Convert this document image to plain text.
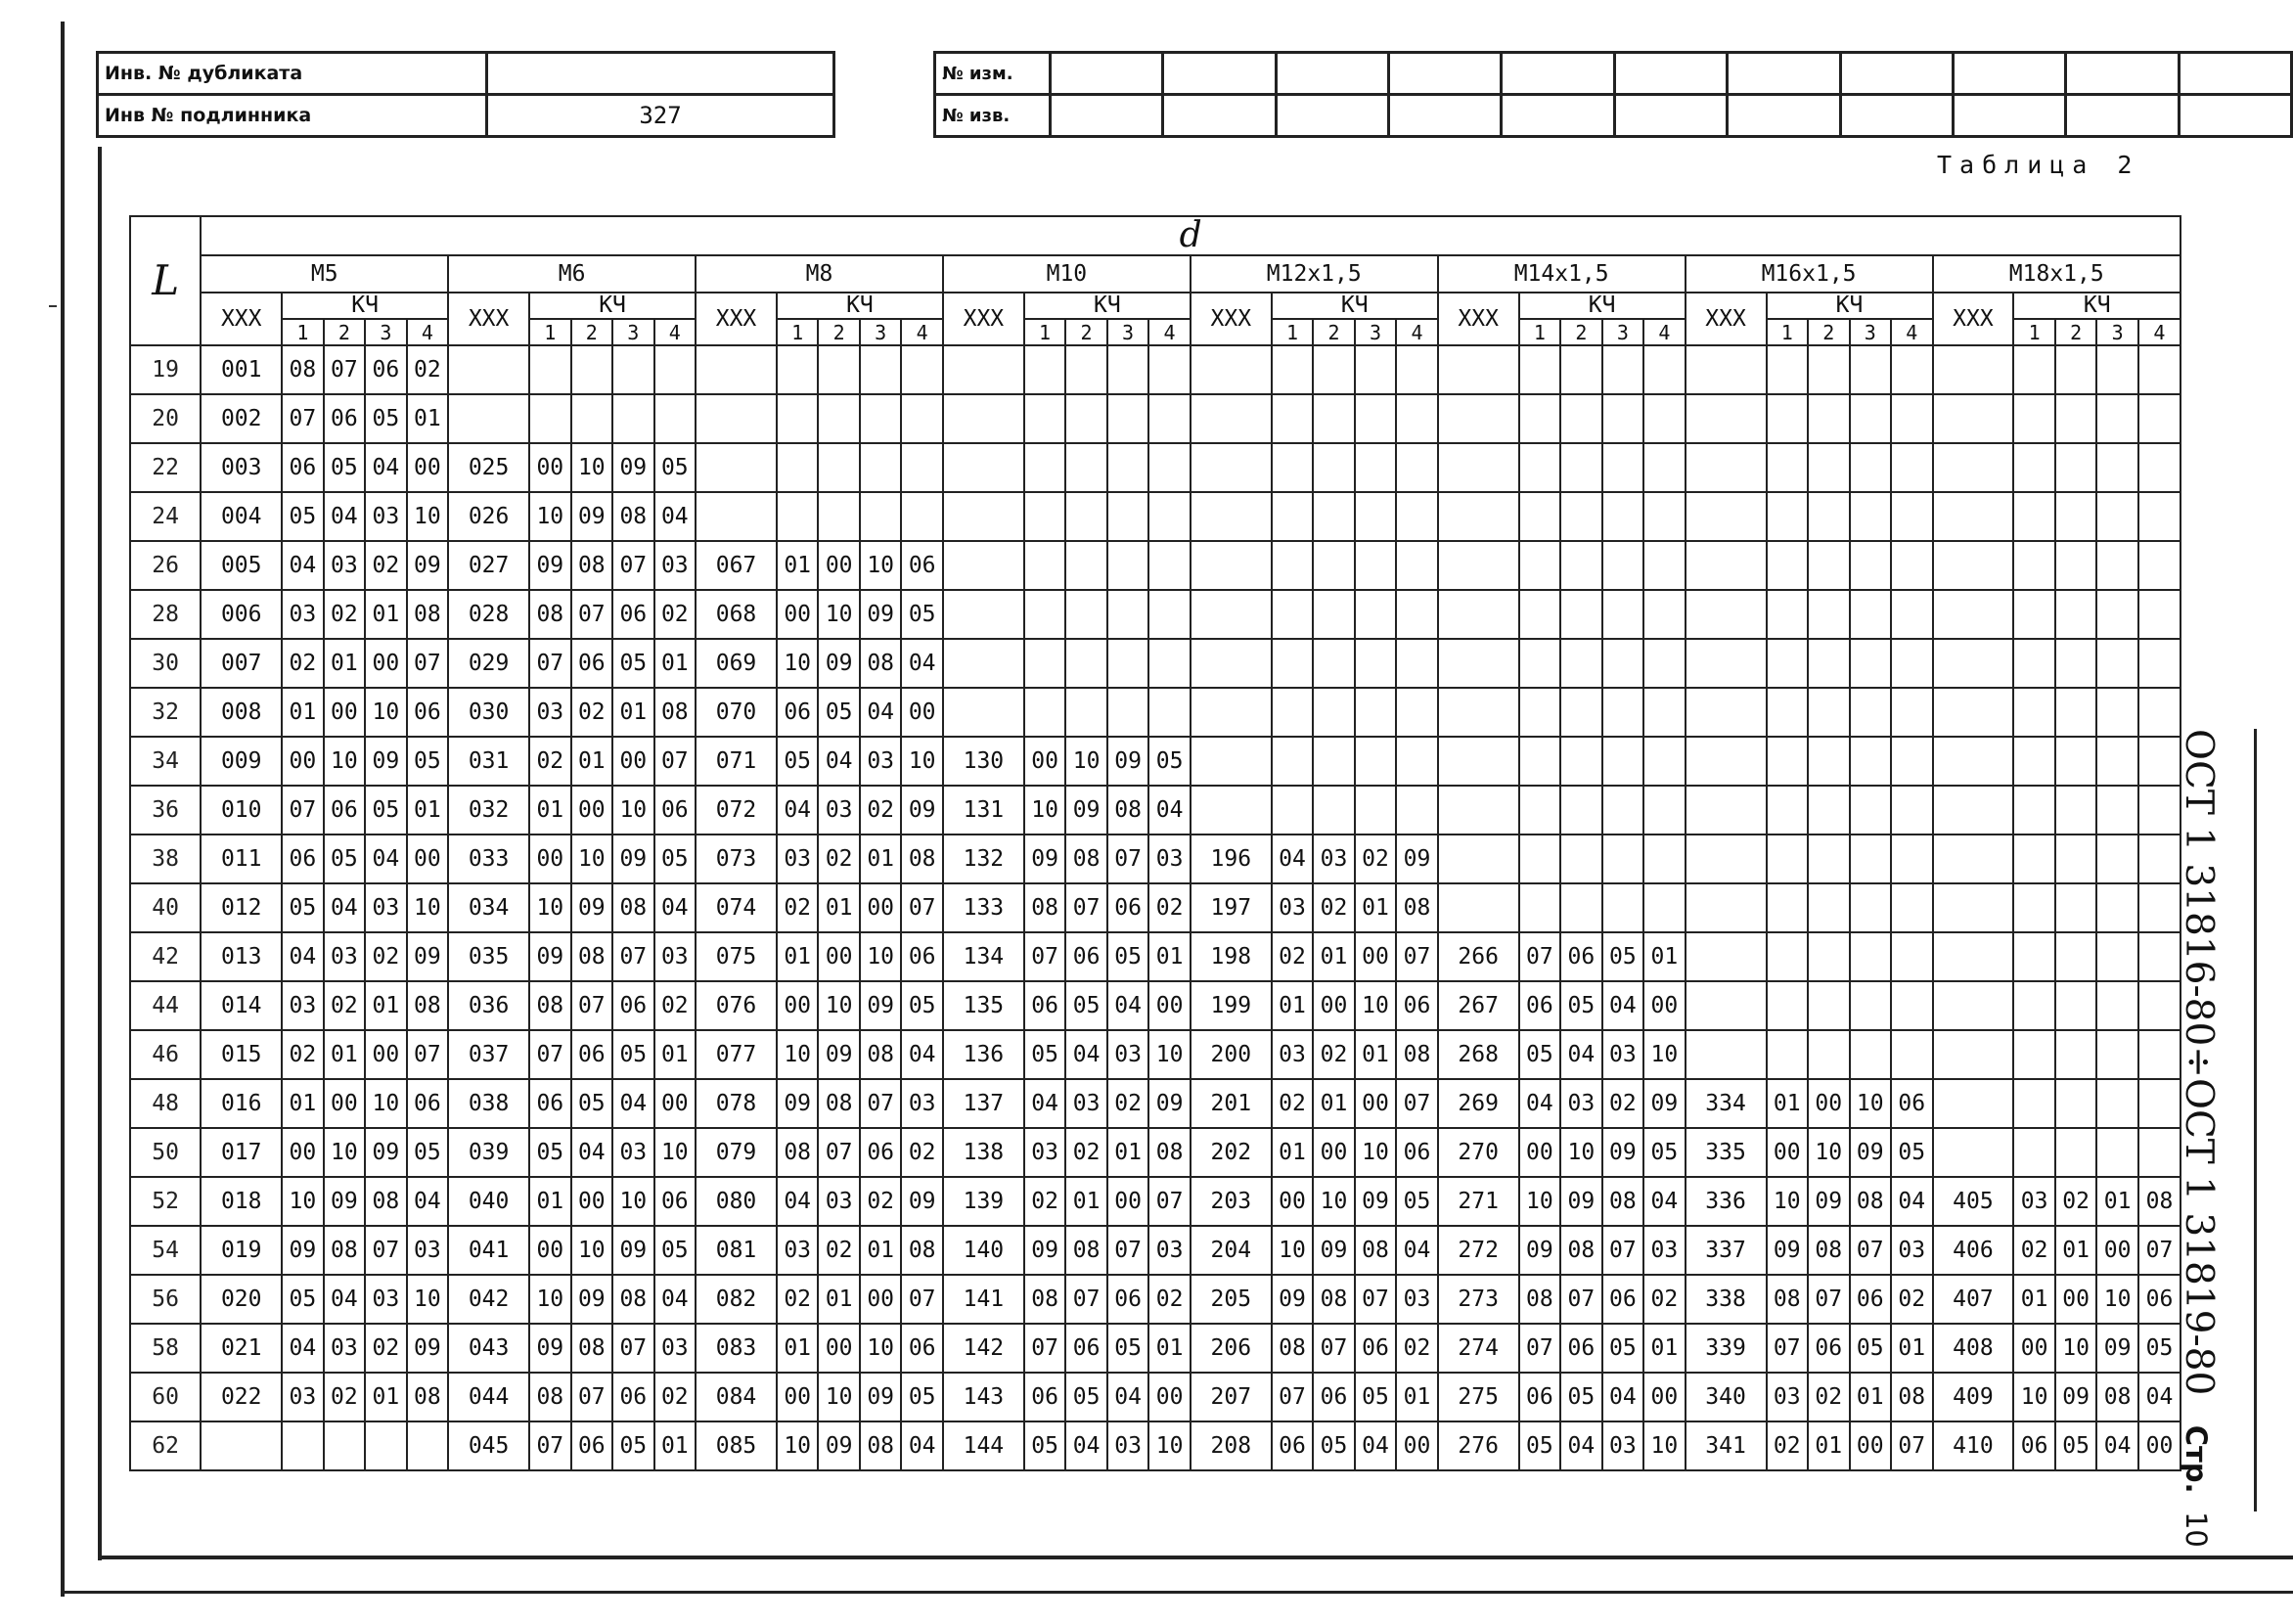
Инв. № дубликата	
Инв № подлинника	327
№ изм.											
№ изв.											
Таблица 2
L	d																																							
	M5					M6					M8					M10					M12x1,5					M14x1,5					M16x1,5					M18x1,5				
	XXX	КЧ				XXX	КЧ				XXX	КЧ				XXX	КЧ				XXX	КЧ				XXX	КЧ				XXX	КЧ				XXX	КЧ			
		1	2	3	4		1	2	3	4		1	2	3	4		1	2	3	4		1	2	3	4		1	2	3	4		1	2	3	4		1	2	3	4
19	001	08	07	06	02																																			
20	002	07	06	05	01																																			
22	003	06	05	04	00	025	00	10	09	05																														
24	004	05	04	03	10	026	10	09	08	04																														
26	005	04	03	02	09	027	09	08	07	03	067	01	00	10	06																									
28	006	03	02	01	08	028	08	07	06	02	068	00	10	09	05																									
30	007	02	01	00	07	029	07	06	05	01	069	10	09	08	04																									
32	008	01	00	10	06	030	03	02	01	08	070	06	05	04	00																									
34	009	00	10	09	05	031	02	01	00	07	071	05	04	03	10	130	00	10	09	05																				
36	010	07	06	05	01	032	01	00	10	06	072	04	03	02	09	131	10	09	08	04																				
38	011	06	05	04	00	033	00	10	09	05	073	03	02	01	08	132	09	08	07	03	196	04	03	02	09															
40	012	05	04	03	10	034	10	09	08	04	074	02	01	00	07	133	08	07	06	02	197	03	02	01	08															
42	013	04	03	02	09	035	09	08	07	03	075	01	00	10	06	134	07	06	05	01	198	02	01	00	07	266	07	06	05	01										
44	014	03	02	01	08	036	08	07	06	02	076	00	10	09	05	135	06	05	04	00	199	01	00	10	06	267	06	05	04	00										
46	015	02	01	00	07	037	07	06	05	01	077	10	09	08	04	136	05	04	03	10	200	03	02	01	08	268	05	04	03	10										
48	016	01	00	10	06	038	06	05	04	00	078	09	08	07	03	137	04	03	02	09	201	02	01	00	07	269	04	03	02	09	334	01	00	10	06					
50	017	00	10	09	05	039	05	04	03	10	079	08	07	06	02	138	03	02	01	08	202	01	00	10	06	270	00	10	09	05	335	00	10	09	05					
52	018	10	09	08	04	040	01	00	10	06	080	04	03	02	09	139	02	01	00	07	203	00	10	09	05	271	10	09	08	04	336	10	09	08	04	405	03	02	01	08
54	019	09	08	07	03	041	00	10	09	05	081	03	02	01	08	140	09	08	07	03	204	10	09	08	04	272	09	08	07	03	337	09	08	07	03	406	02	01	00	07
56	020	05	04	03	10	042	10	09	08	04	082	02	01	00	07	141	08	07	06	02	205	09	08	07	03	273	08	07	06	02	338	08	07	06	02	407	01	00	10	06
58	021	04	03	02	09	043	09	08	07	03	083	01	00	10	06	142	07	06	05	01	206	08	07	06	02	274	07	06	05	01	339	07	06	05	01	408	00	10	09	05
60	022	03	02	01	08	044	08	07	06	02	084	00	10	09	05	143	06	05	04	00	207	07	06	05	01	275	06	05	04	00	340	03	02	01	08	409	10	09	08	04
62						045	07	06	05	01	085	10	09	08	04	144	05	04	03	10	208	06	05	04	00	276	05	04	03	10	341	02	01	00	07	410	06	05	04	00
ОСТ 1 31816-80÷ОСТ 1 31819-80 Стр. 10
